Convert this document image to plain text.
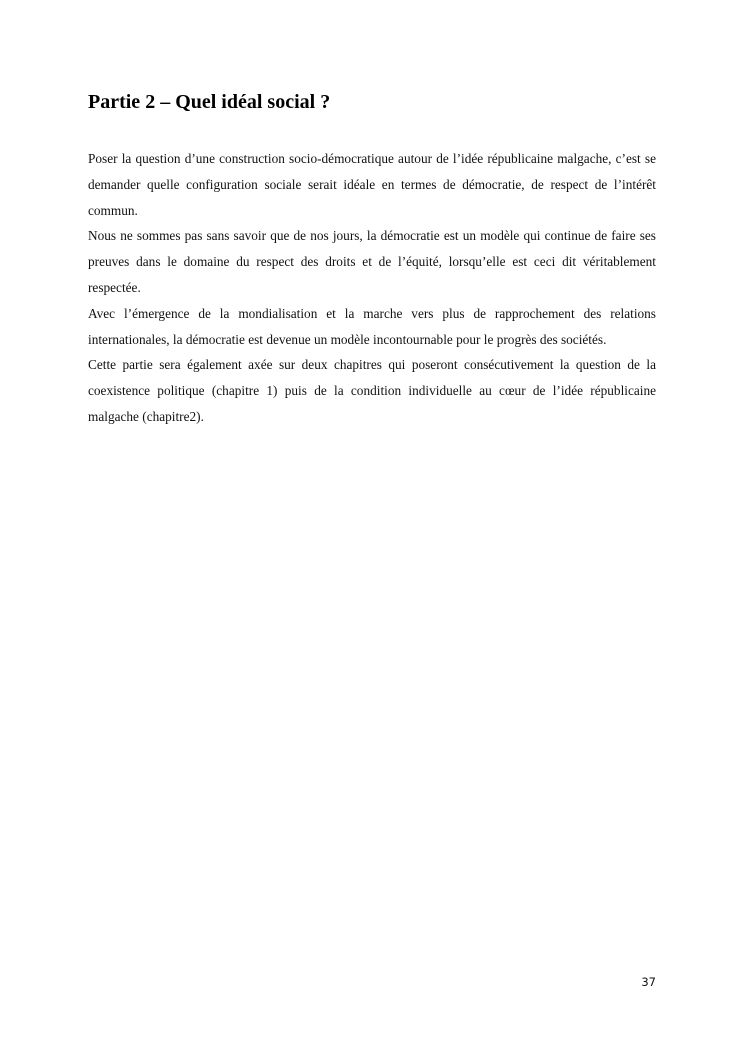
Partie 2 – Quel idéal social ?

Poser la question d’une construction socio-démocratique autour de l’idée républicaine malgache, c’est se demander quelle configuration sociale serait idéale en termes de démocratie, de respect de l’intérêt commun.

Nous ne sommes pas sans savoir que de nos jours, la démocratie est un modèle qui continue de faire ses preuves dans le domaine du respect des droits et de l’équité, lorsqu’elle est ceci dit véritablement respectée.

Avec l’émergence de la mondialisation et la marche vers plus de rapprochement des relations internationales, la démocratie est devenue un modèle incontournable pour le progrès des sociétés.

Cette partie sera également axée sur deux chapitres qui poseront consécutivement la question de la coexistence politique (chapitre 1) puis de la condition individuelle au cœur de l’idée républicaine malgache (chapitre2).

37
